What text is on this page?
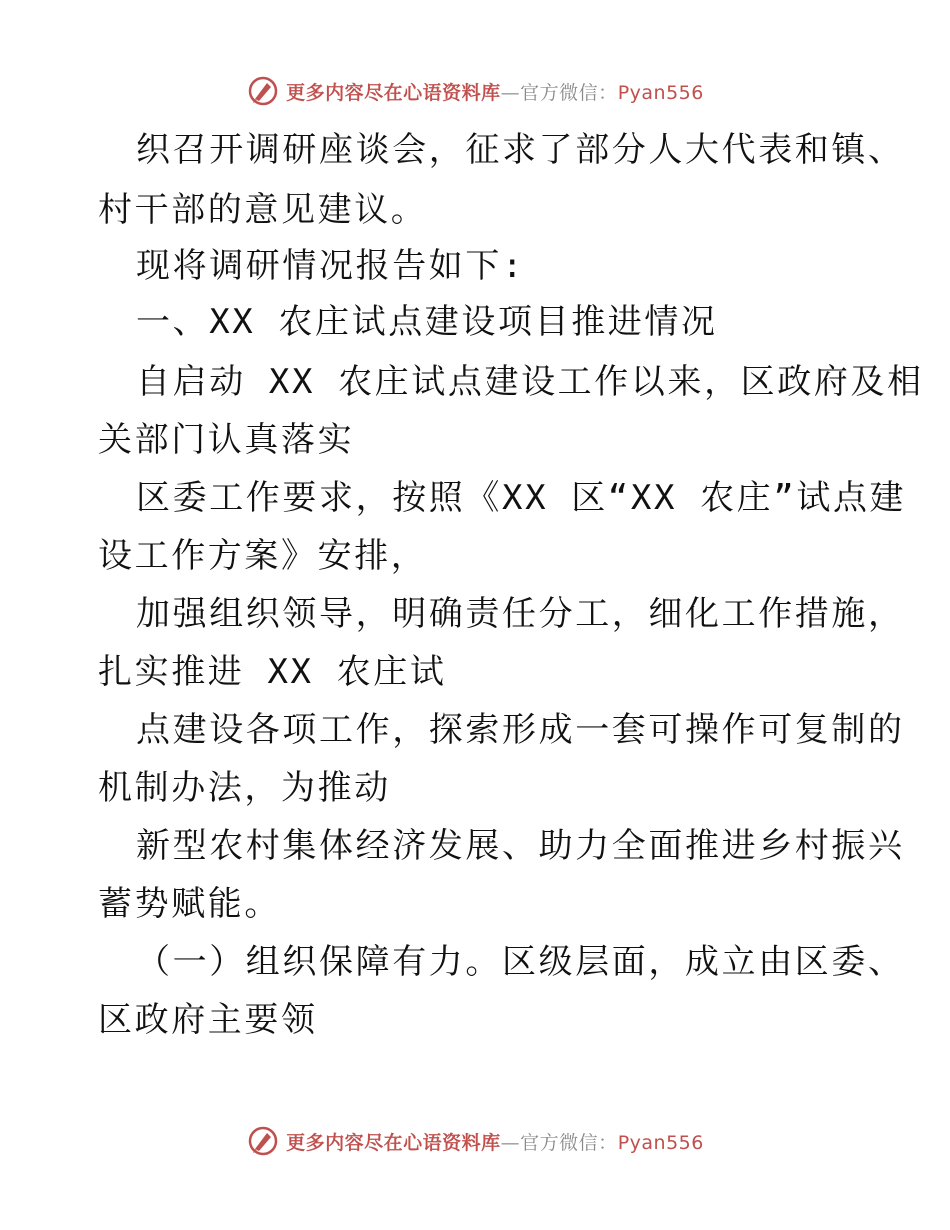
更多内容尽在心语资料库—官方微信：Pyan556
织召开调研座谈会，征求了部分人大代表和镇、
村干部的意见建议。
现将调研情况报告如下:
一、XX 农庄试点建设项目推进情况
自启动 XX 农庄试点建设工作以来，区政府及相
关部门认真落实
区委工作要求，按照《XX 区“XX 农庄”试点建
设工作方案》安排，
加强组织领导，明确责任分工，细化工作措施，
扎实推进 XX 农庄试
点建设各项工作，探索形成一套可操作可复制的
机制办法，为推动
新型农村集体经济发展、助力全面推进乡村振兴
蓄势赋能。
（一）组织保障有力。区级层面，成立由区委、
区政府主要领
更多内容尽在心语资料库—官方微信：Pyan556
